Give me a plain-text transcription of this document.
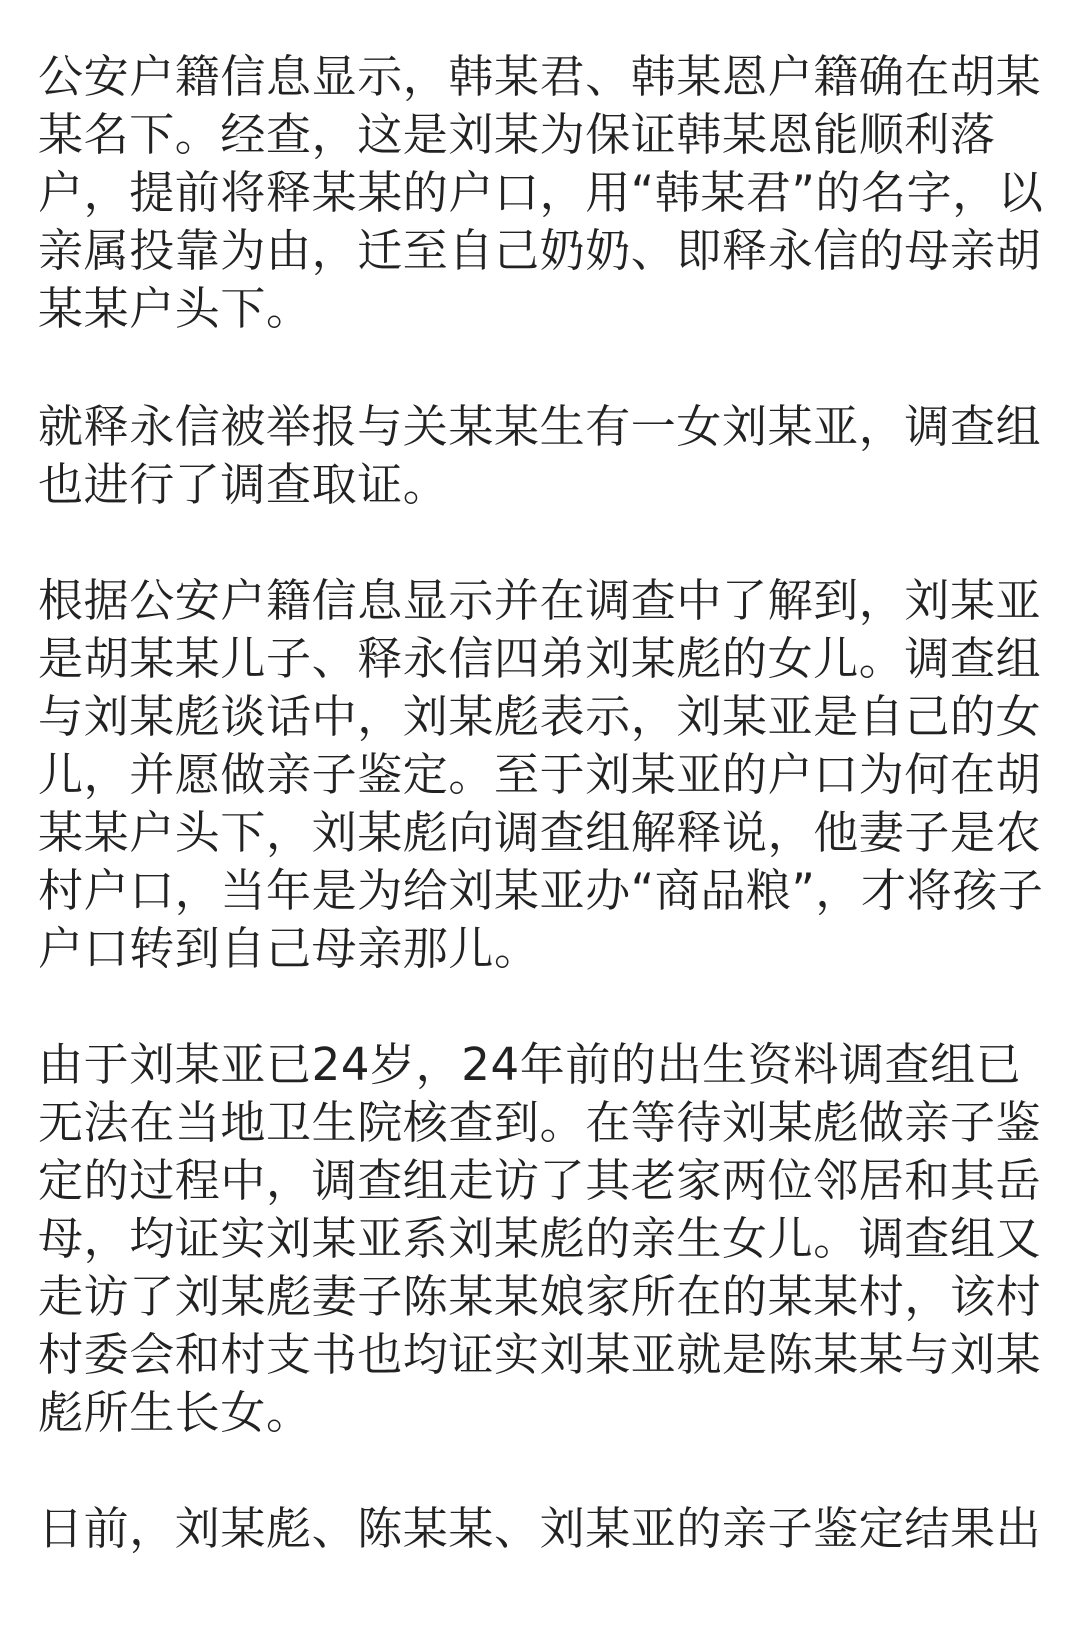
公安户籍信息显示，韩某君、韩某恩户籍确在胡某
某名下。经查，这是刘某为保证韩某恩能顺利落
户，提前将释某某的户口，用“韩某君”的名字，以
亲属投靠为由，迁至自己奶奶、即释永信的母亲胡
某某户头下。
就释永信被举报与关某某生有一女刘某亚，调查组
也进行了调查取证。
根据公安户籍信息显示并在调查中了解到，刘某亚
是胡某某儿子、释永信四弟刘某彪的女儿。调查组
与刘某彪谈话中，刘某彪表示，刘某亚是自己的女
儿，并愿做亲子鉴定。至于刘某亚的户口为何在胡
某某户头下，刘某彪向调查组解释说，他妻子是农
村户口，当年是为给刘某亚办“商品粮”，才将孩子
户口转到自己母亲那儿。
由于刘某亚已24岁，24年前的出生资料调查组已
无法在当地卫生院核查到。在等待刘某彪做亲子鉴
定的过程中，调查组走访了其老家两位邻居和其岳
母，均证实刘某亚系刘某彪的亲生女儿。调查组又
走访了刘某彪妻子陈某某娘家所在的某某村，该村
村委会和村支书也均证实刘某亚就是陈某某与刘某
彪所生长女。
日前，刘某彪、陈某某、刘某亚的亲子鉴定结果出
